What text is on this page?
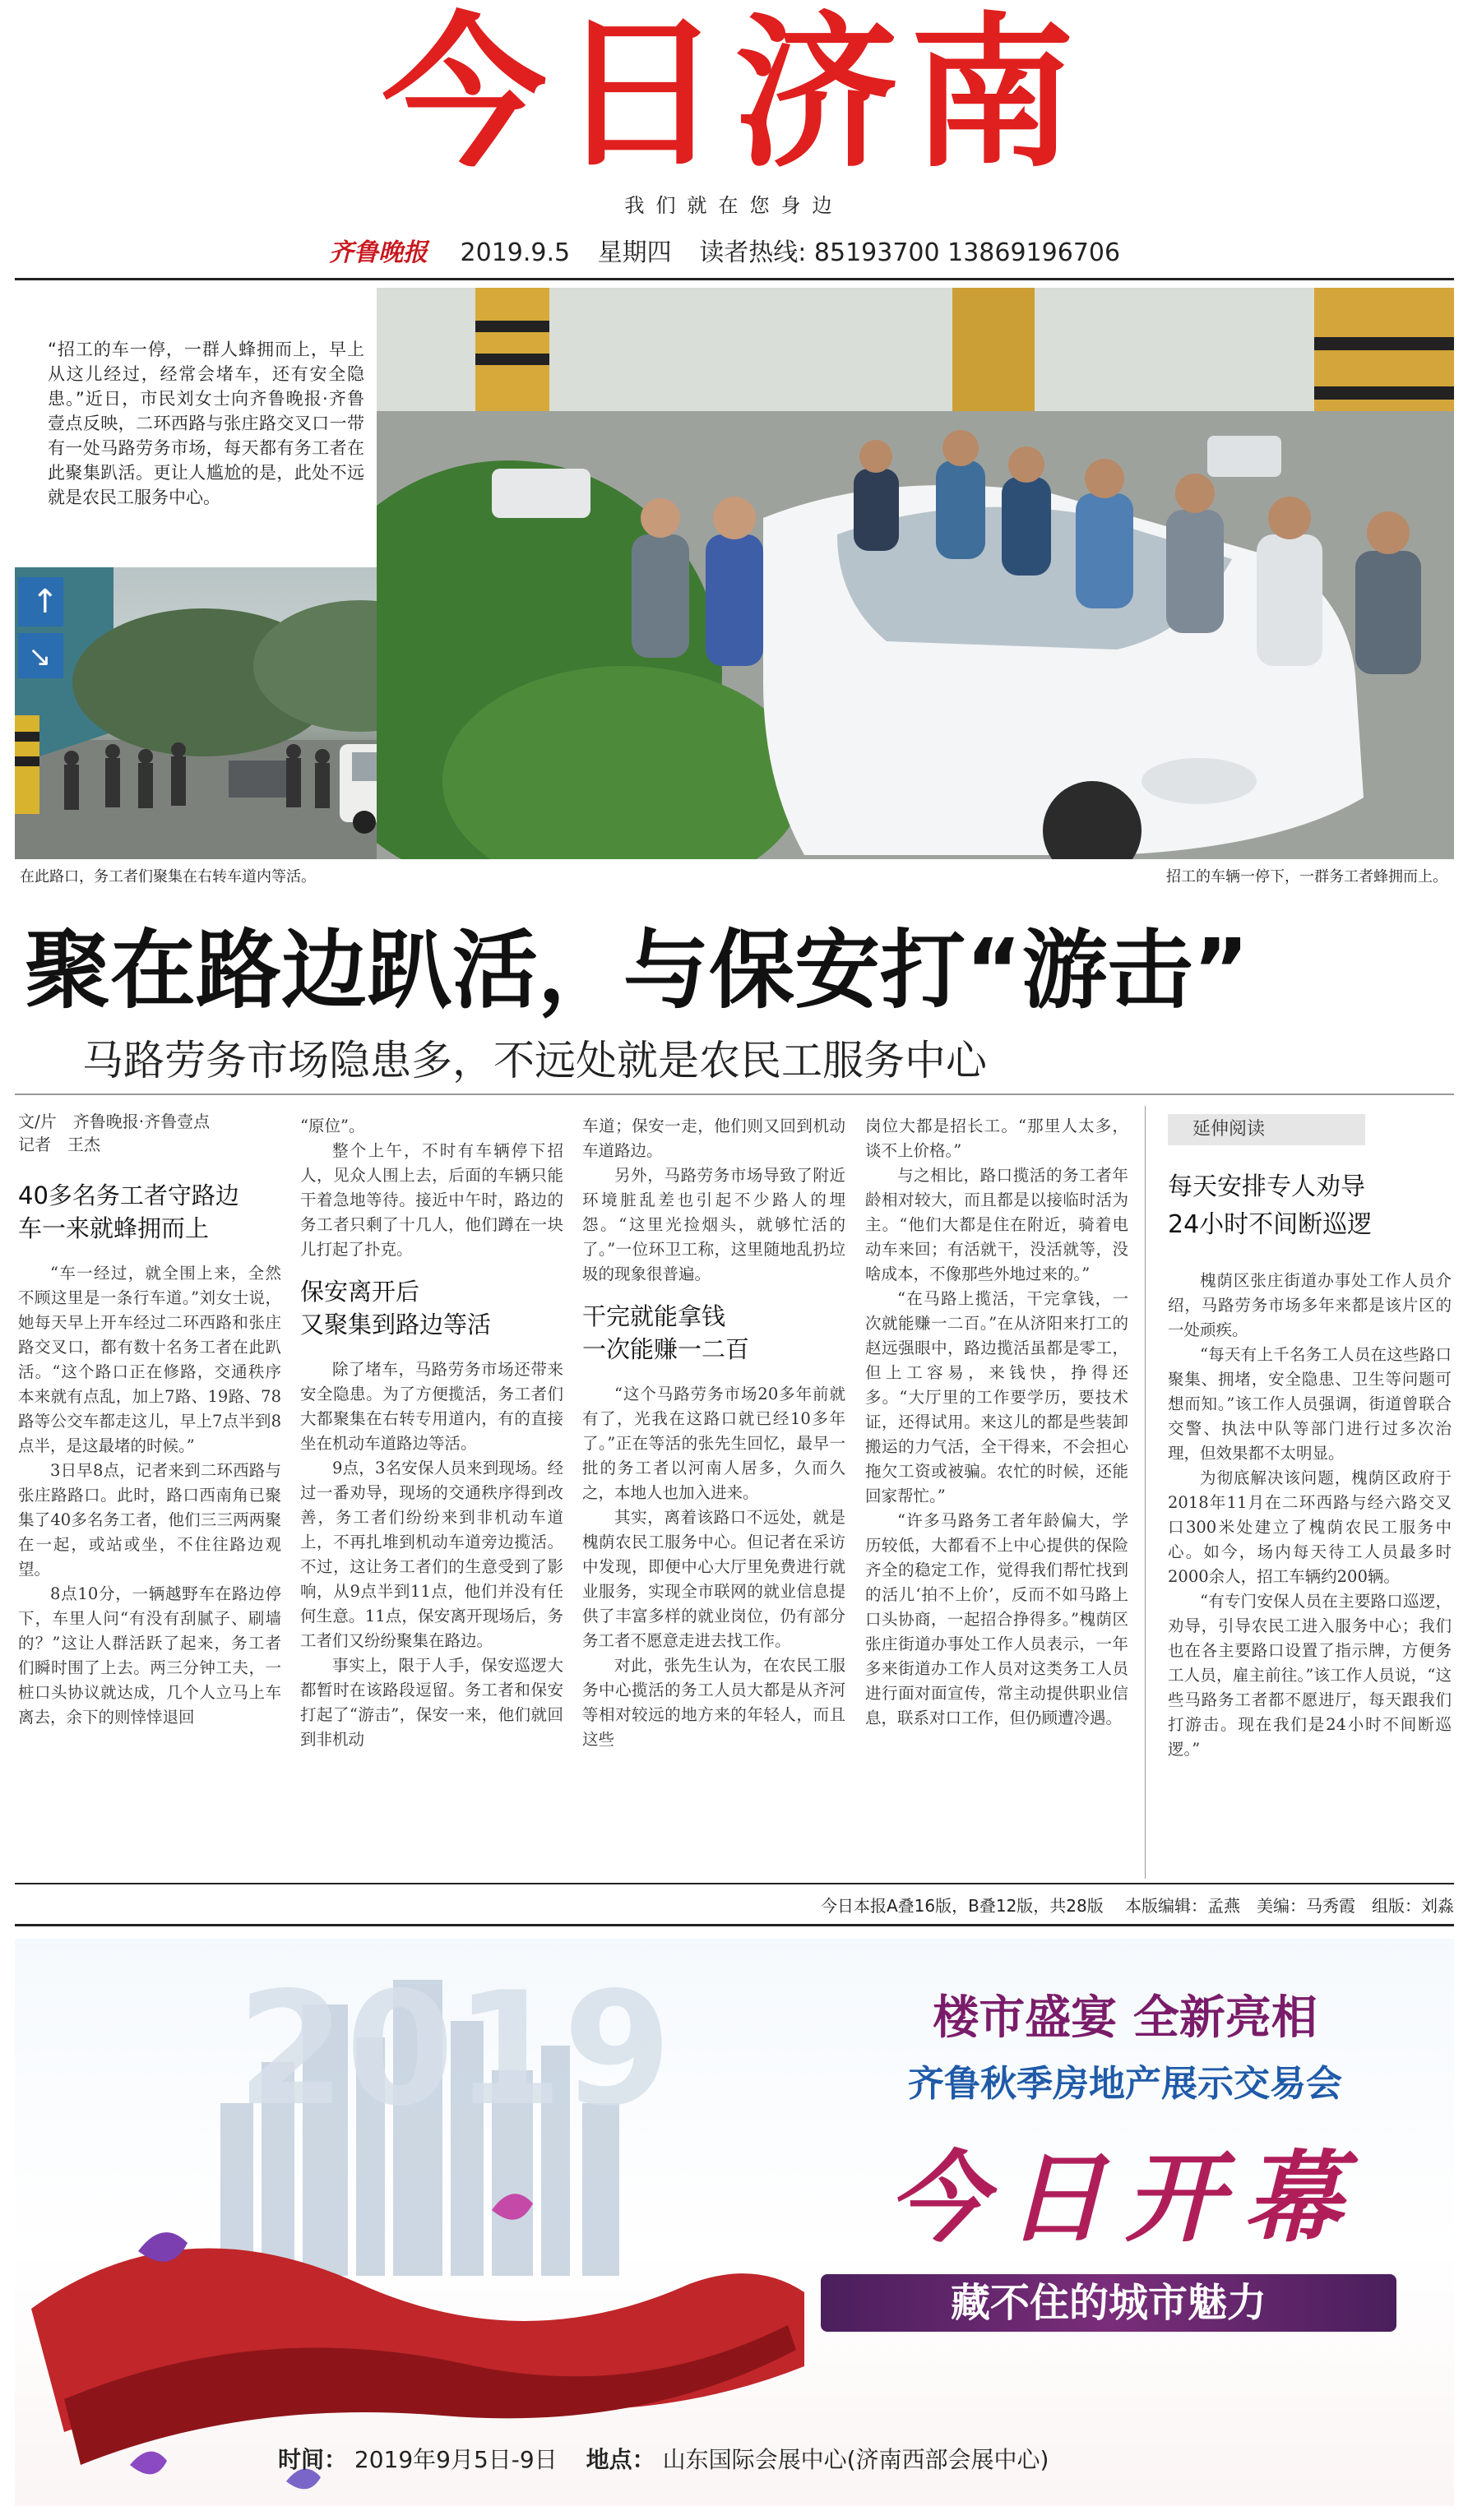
今日济南
我们就在您身边
齐鲁晚报 2019.9.5 星期四 读者热线: 85193700 13869196706
“招工的车一停，一群人蜂拥而上，早上从这儿经过，经常会堵车，还有安全隐患。”近日，市民刘女士向齐鲁晚报·齐鲁壹点反映，二环西路与张庄路交叉口一带有一处马路劳务市场，每天都有务工者在此聚集趴活。更让人尴尬的是，此处不远就是农民工服务中心。
↑
↘
在此路口，务工者们聚集在右转车道内等活。	招工的车辆一停下，一群务工者蜂拥而上。
聚在路边趴活，与保安打“游击”
马路劳务市场隐患多，不远处就是农民工服务中心
文/片　齐鲁晚报·齐鲁壹点
记者　王杰
40多名务工者守路边
车一来就蜂拥而上

“车一经过，就全围上来，全然不顾这里是一条行车道。”刘女士说，她每天早上开车经过二环西路和张庄路交叉口，都有数十名务工者在此趴活。“这个路口正在修路，交通秩序本来就有点乱，加上7路、19路、78路等公交车都走这儿，早上7点半到8点半，是这最堵的时候。”

3日早8点，记者来到二环西路与张庄路路口。此时，路口西南角已聚集了40多名务工者，他们三三两两聚在一起，或站或坐，不住往路边观望。

8点10分，一辆越野车在路边停下，车里人问“有没有刮腻子、刷墙的？”这让人群活跃了起来，务工者们瞬时围了上去。两三分钟工夫，一桩口头协议就达成，几个人立马上车离去，余下的则悻悻退回

“原位”。

整个上午，不时有车辆停下招人，见众人围上去，后面的车辆只能干着急地等待。接近中午时，路边的务工者只剩了十几人，他们蹲在一块儿打起了扑克。

保安离开后
又聚集到路边等活

除了堵车，马路劳务市场还带来安全隐患。为了方便揽活，务工者们大都聚集在右转专用道内，有的直接坐在机动车道路边等活。

9点，3名安保人员来到现场。经过一番劝导，现场的交通秩序得到改善，务工者们纷纷来到非机动车道上，不再扎堆到机动车道旁边揽活。不过，这让务工者们的生意受到了影响，从9点半到11点，他们并没有任何生意。11点，保安离开现场后，务工者们又纷纷聚集在路边。

事实上，限于人手，保安巡逻大都暂时在该路段逗留。务工者和保安打起了“游击”，保安一来，他们就回到非机动

车道；保安一走，他们则又回到机动车道路边。

另外，马路劳务市场导致了附近环境脏乱差也引起不少路人的埋怨。“这里光捡烟头，就够忙活的了。”一位环卫工称，这里随地乱扔垃圾的现象很普遍。

干完就能拿钱
一次能赚一二百

“这个马路劳务市场20多年前就有了，光我在这路口就已经10多年了。”正在等活的张先生回忆，最早一批的务工者以河南人居多，久而久之，本地人也加入进来。

其实，离着该路口不远处，就是槐荫农民工服务中心。但记者在采访中发现，即便中心大厅里免费进行就业服务，实现全市联网的就业信息提供了丰富多样的就业岗位，仍有部分务工者不愿意走进去找工作。

对此，张先生认为，在农民工服务中心揽活的务工人员大都是从齐河等相对较远的地方来的年轻人，而且这些

岗位大都是招长工。“那里人太多，谈不上价格。”

与之相比，路口揽活的务工者年龄相对较大，而且都是以接临时活为主。“他们大都是住在附近，骑着电动车来回；有活就干，没活就等，没啥成本，不像那些外地过来的。”

“在马路上揽活，干完拿钱，一次就能赚一二百。”在从济阳来打工的赵远强眼中，路边揽活虽都是零工，但上工容易，来钱快，挣得还多。“大厅里的工作要学历，要技术证，还得试用。来这儿的都是些装卸搬运的力气活，全干得来，不会担心拖欠工资或被骗。农忙的时候，还能回家帮忙。”

“许多马路务工者年龄偏大，学历较低，大都看不上中心提供的保险齐全的稳定工作，觉得我们帮忙找到的活儿‘拍不上价’，反而不如马路上口头协商，一起招合挣得多。”槐荫区张庄街道办事处工作人员表示，一年多来街道办工作人员对这类务工人员进行面对面宣传，常主动提供职业信息，联系对口工作，但仍顾遭冷遇。

延伸阅读
每天安排专人劝导
24小时不间断巡逻

槐荫区张庄街道办事处工作人员介绍，马路劳务市场多年来都是该片区的一处顽疾。

“每天有上千名务工人员在这些路口聚集、拥堵，安全隐患、卫生等问题可想而知。”该工作人员强调，街道曾联合交警、执法中队等部门进行过多次治理，但效果都不太明显。

为彻底解决该问题，槐荫区政府于2018年11月在二环西路与经六路交叉口300米处建立了槐荫农民工服务中心。如今，场内每天待工人员最多时2000余人，招工车辆约200辆。

“有专门安保人员在主要路口巡逻，劝导，引导农民工进入服务中心；我们也在各主要路口设置了指示牌，方便务工人员，雇主前往。”该工作人员说，“这些马路务工者都不愿进厅，每天跟我们打游击。现在我们是24小时不间断巡逻。”

今日本报A叠16版，B叠12版，共28版 本版编辑：孟燕　美编：马秀霞　组版：刘淼
2019	楼市盛宴 全新亮相
齐鲁秋季房地产展示交易会
今日开幕
藏不住的城市魅力
时间： 2019年9月5日-9日 地点： 山东国际会展中心(济南西部会展中心)
